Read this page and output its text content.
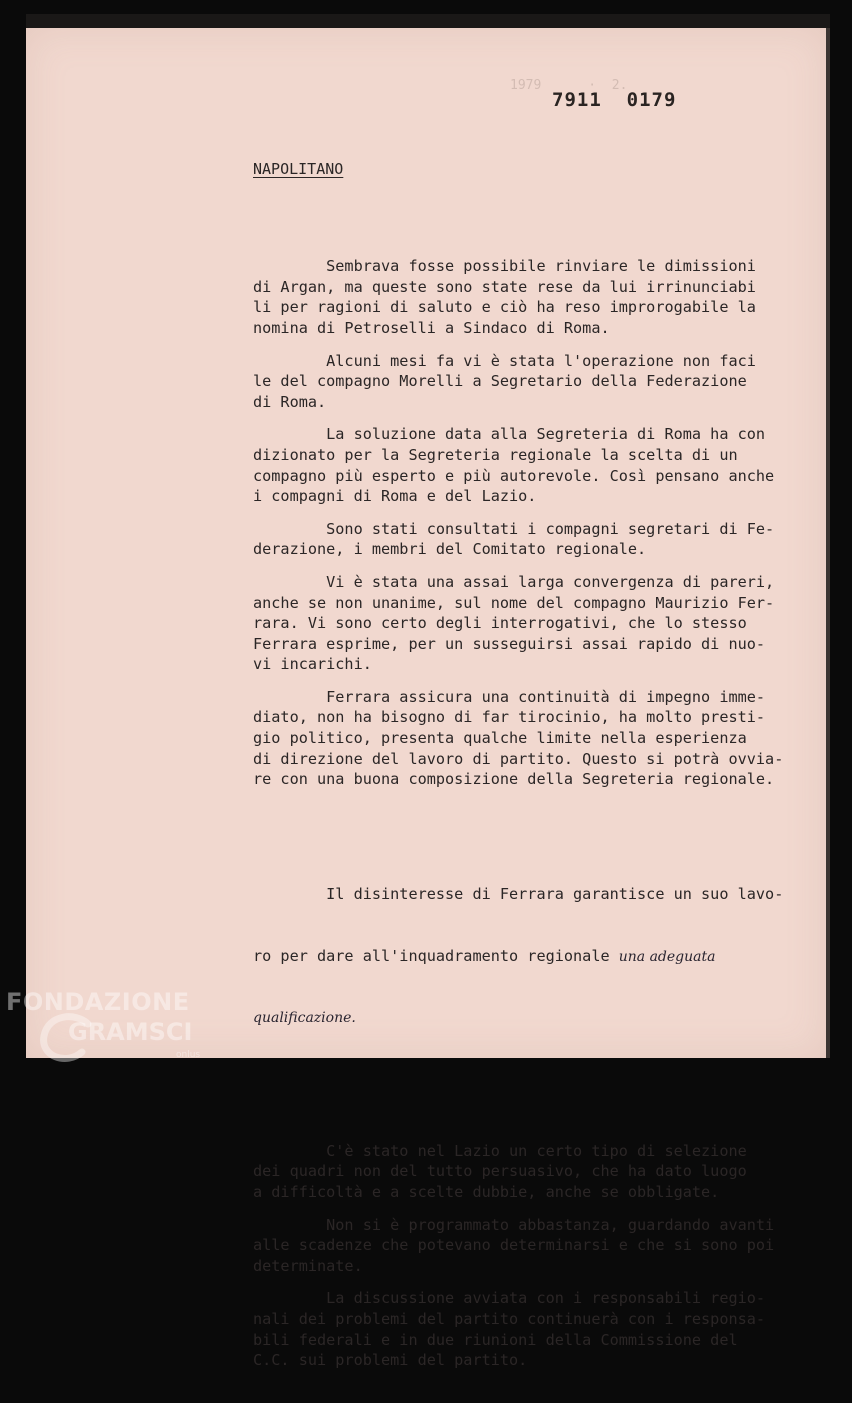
1979      ·  2.
7911  0179
NAPOLITANO

Sembrava fosse possibile rinviare le dimissioni
di Argan, ma queste sono state rese da lui irrinunciabi
li per ragioni di saluto e ciò ha reso improrogabile la
nomina di Petroselli a Sindaco di Roma.
Alcuni mesi fa vi è stata l'operazione non faci
le del compagno Morelli a Segretario della Federazione
di Roma.
La soluzione data alla Segreteria di Roma ha con
dizionato per la Segreteria regionale la scelta di un
compagno più esperto e più autorevole. Così pensano anche
i compagni di Roma e del Lazio.
Sono stati consultati i compagni segretari di Fe-
derazione, i membri del Comitato regionale.
Vi è stata una assai larga convergenza di pareri,
anche se non unanime, sul nome del compagno Maurizio Fer-
rara. Vi sono certo degli interrogativi, che lo stesso
Ferrara esprime, per un susseguirsi assai rapido di nuo-
vi incarichi.
Ferrara assicura una continuità di impegno imme-
diato, non ha bisogno di far tirocinio, ha molto presti-
gio politico, presenta qualche limite nella esperienza
di direzione del lavoro di partito. Questo si potrà ovvia-
re con una buona composizione della Segreteria regionale.

Il disinteresse di Ferrara garantisce un suo lavo-

ro per dare all'inquadramento regionale una adeguata

qualificazione.

C'è stato nel Lazio un certo tipo di selezione
dei quadri non del tutto persuasivo, che ha dato luogo
a difficoltà e a scelte dubbie, anche se obbligate.
Non si è programmato abbastanza, guardando avanti
alle scadenze che potevano determinarsi e che si sono poi
determinate.
La discussione avviata con i responsabili regio-
nali dei problemi del partito continuerà con i responsa-
bili federali e in due riunioni della Commissione del
C.C. sui problemi del partito.

FONDAZIONE
GRAMSCI
onlus
